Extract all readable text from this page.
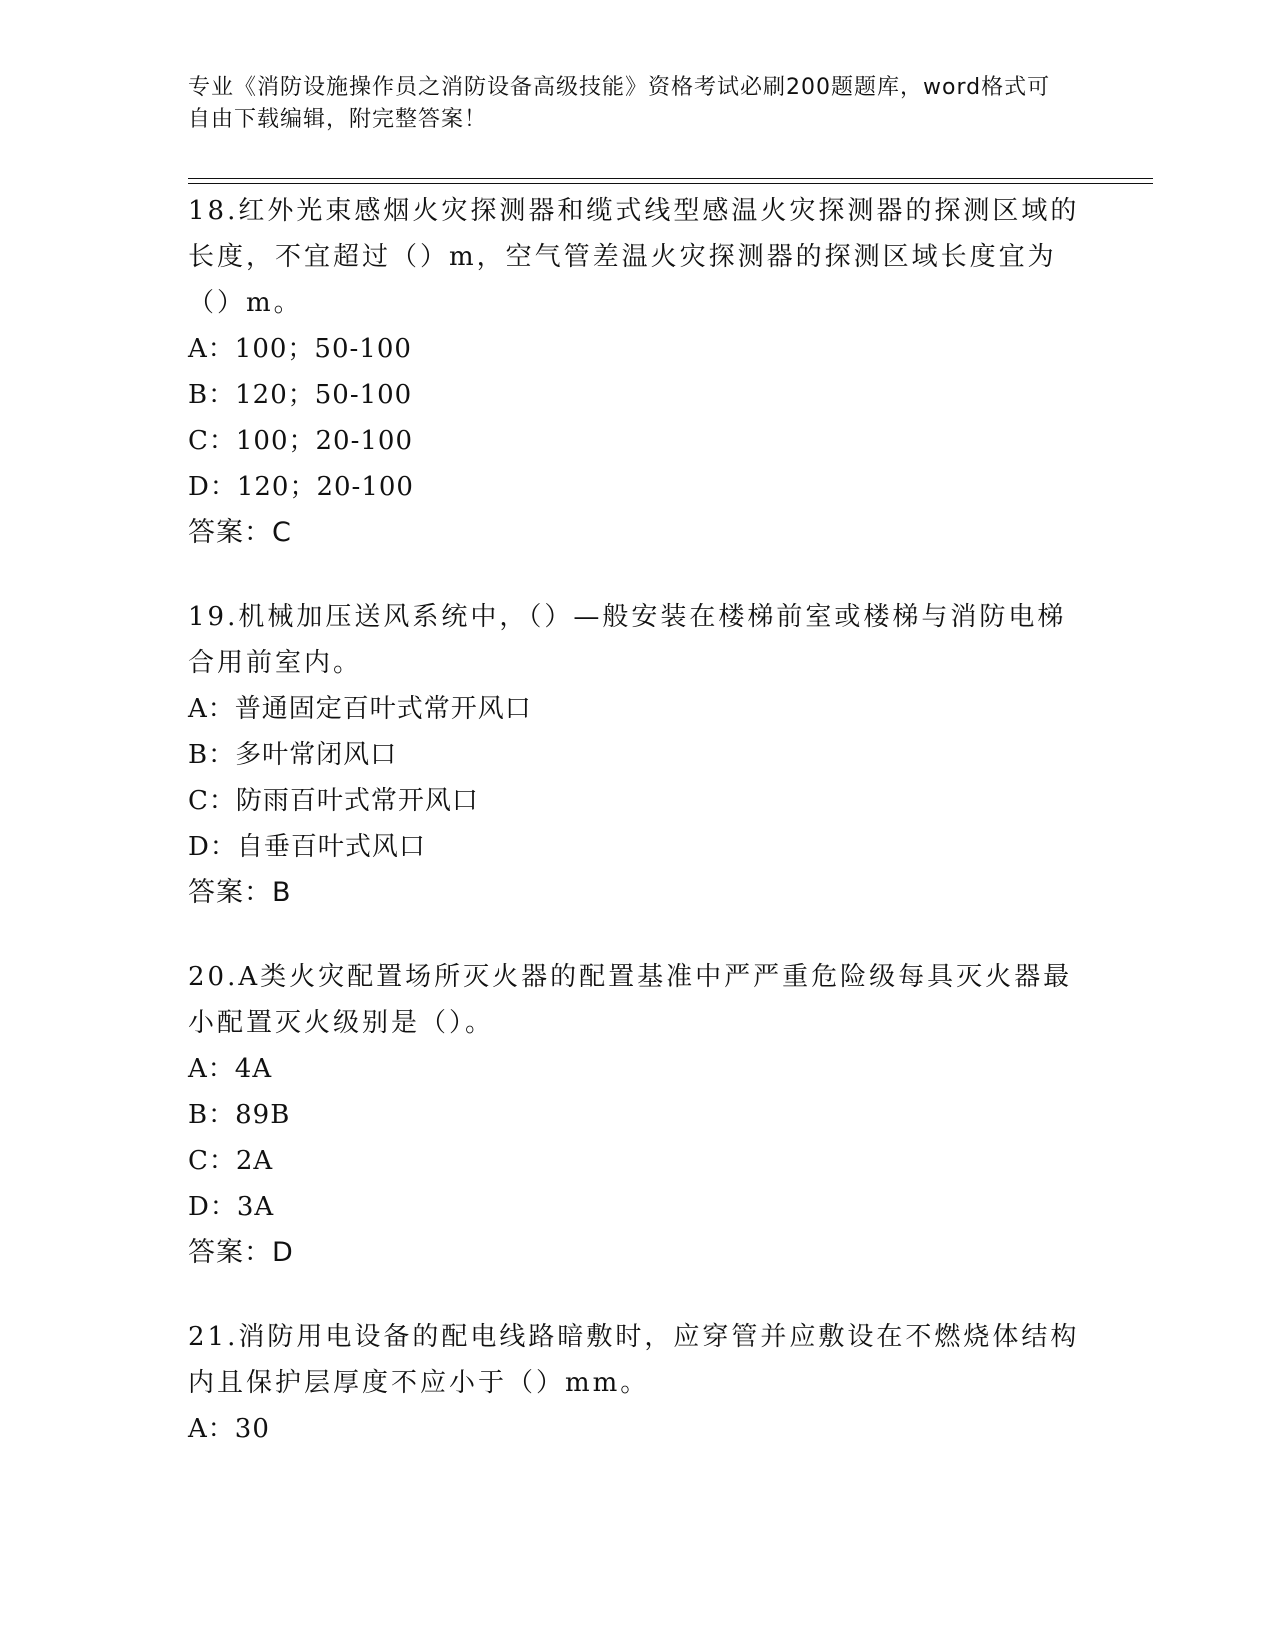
专业《消防设施操作员之消防设备高级技能》资格考试必刷200题题库，word格式可自由下载编辑，附完整答案！
18.红外光束感烟火灾探测器和缆式线型感温火灾探测器的探测区域的长度，不宜超过（）m，空气管差温火灾探测器的探测区域长度宜为（）m。
A：100；50-100
B：120；50-100
C：100；20-100
D：120；20-100
答案：C
19.机械加压送风系统中，（）—般安装在楼梯前室或楼梯与消防电梯合用前室内。
A：普通固定百叶式常开风口
B：多叶常闭风口
C：防雨百叶式常开风口
D：自垂百叶式风口
答案：B
20.A类火灾配置场所灭火器的配置基准中严严重危险级每具灭火器最小配置灭火级别是（）。
A：4A
B：89B
C：2A
D：3A
答案：D
21.消防用电设备的配电线路暗敷时，应穿管并应敷设在不燃烧体结构内且保护层厚度不应小于（）mm。
A：30
